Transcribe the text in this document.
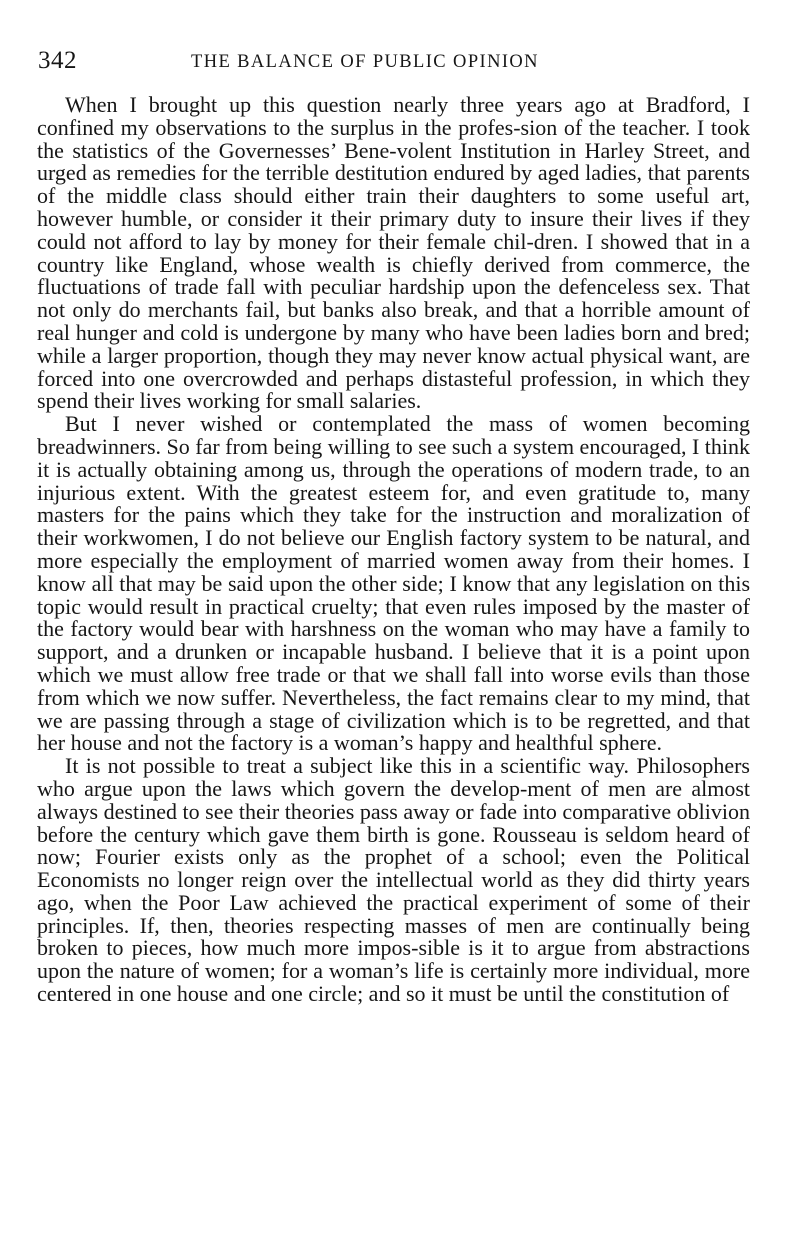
342	THE BALANCE OF PUBLIC OPINION

When I brought up this question nearly three years ago at Bradford, I confined my observations to the surplus in the profes-sion of the teacher. I took the statistics of the Governesses’ Bene-volent Institution in Harley Street, and urged as remedies for the terrible destitution endured by aged ladies, that parents of the middle class should either train their daughters to some useful art, however humble, or consider it their primary duty to insure their lives if they could not afford to lay by money for their female chil-dren. I showed that in a country like England, whose wealth is chiefly derived from commerce, the fluctuations of trade fall with peculiar hardship upon the defenceless sex. That not only do merchants fail, but banks also break, and that a horrible amount of real hunger and cold is undergone by many who have been ladies born and bred; while a larger proportion, though they may never know actual physical want, are forced into one overcrowded and perhaps distasteful profession, in which they spend their lives working for small salaries.

But I never wished or contemplated the mass of women becoming breadwinners. So far from being willing to see such a system encouraged, I think it is actually obtaining among us, through the operations of modern trade, to an injurious extent. With the greatest esteem for, and even gratitude to, many masters for the pains which they take for the instruction and moralization of their workwomen, I do not believe our English factory system to be natural, and more especially the employment of married women away from their homes. I know all that may be said upon the other side; I know that any legislation on this topic would result in practical cruelty; that even rules imposed by the master of the factory would bear with harshness on the woman who may have a family to support, and a drunken or incapable husband. I believe that it is a point upon which we must allow free trade or that we shall fall into worse evils than those from which we now suffer. Nevertheless, the fact remains clear to my mind, that we are passing through a stage of civilization which is to be regretted, and that her house and not the factory is a woman’s happy and healthful sphere.

It is not possible to treat a subject like this in a scientific way. Philosophers who argue upon the laws which govern the develop-ment of men are almost always destined to see their theories pass away or fade into comparative oblivion before the century which gave them birth is gone. Rousseau is seldom heard of now; Fourier exists only as the prophet of a school; even the Political Economists no longer reign over the intellectual world as they did thirty years ago, when the Poor Law achieved the practical experiment of some of their principles. If, then, theories respecting masses of men are continually being broken to pieces, how much more impos-sible is it to argue from abstractions upon the nature of women; for a woman’s life is certainly more individual, more centered in one house and one circle; and so it must be until the constitution of
